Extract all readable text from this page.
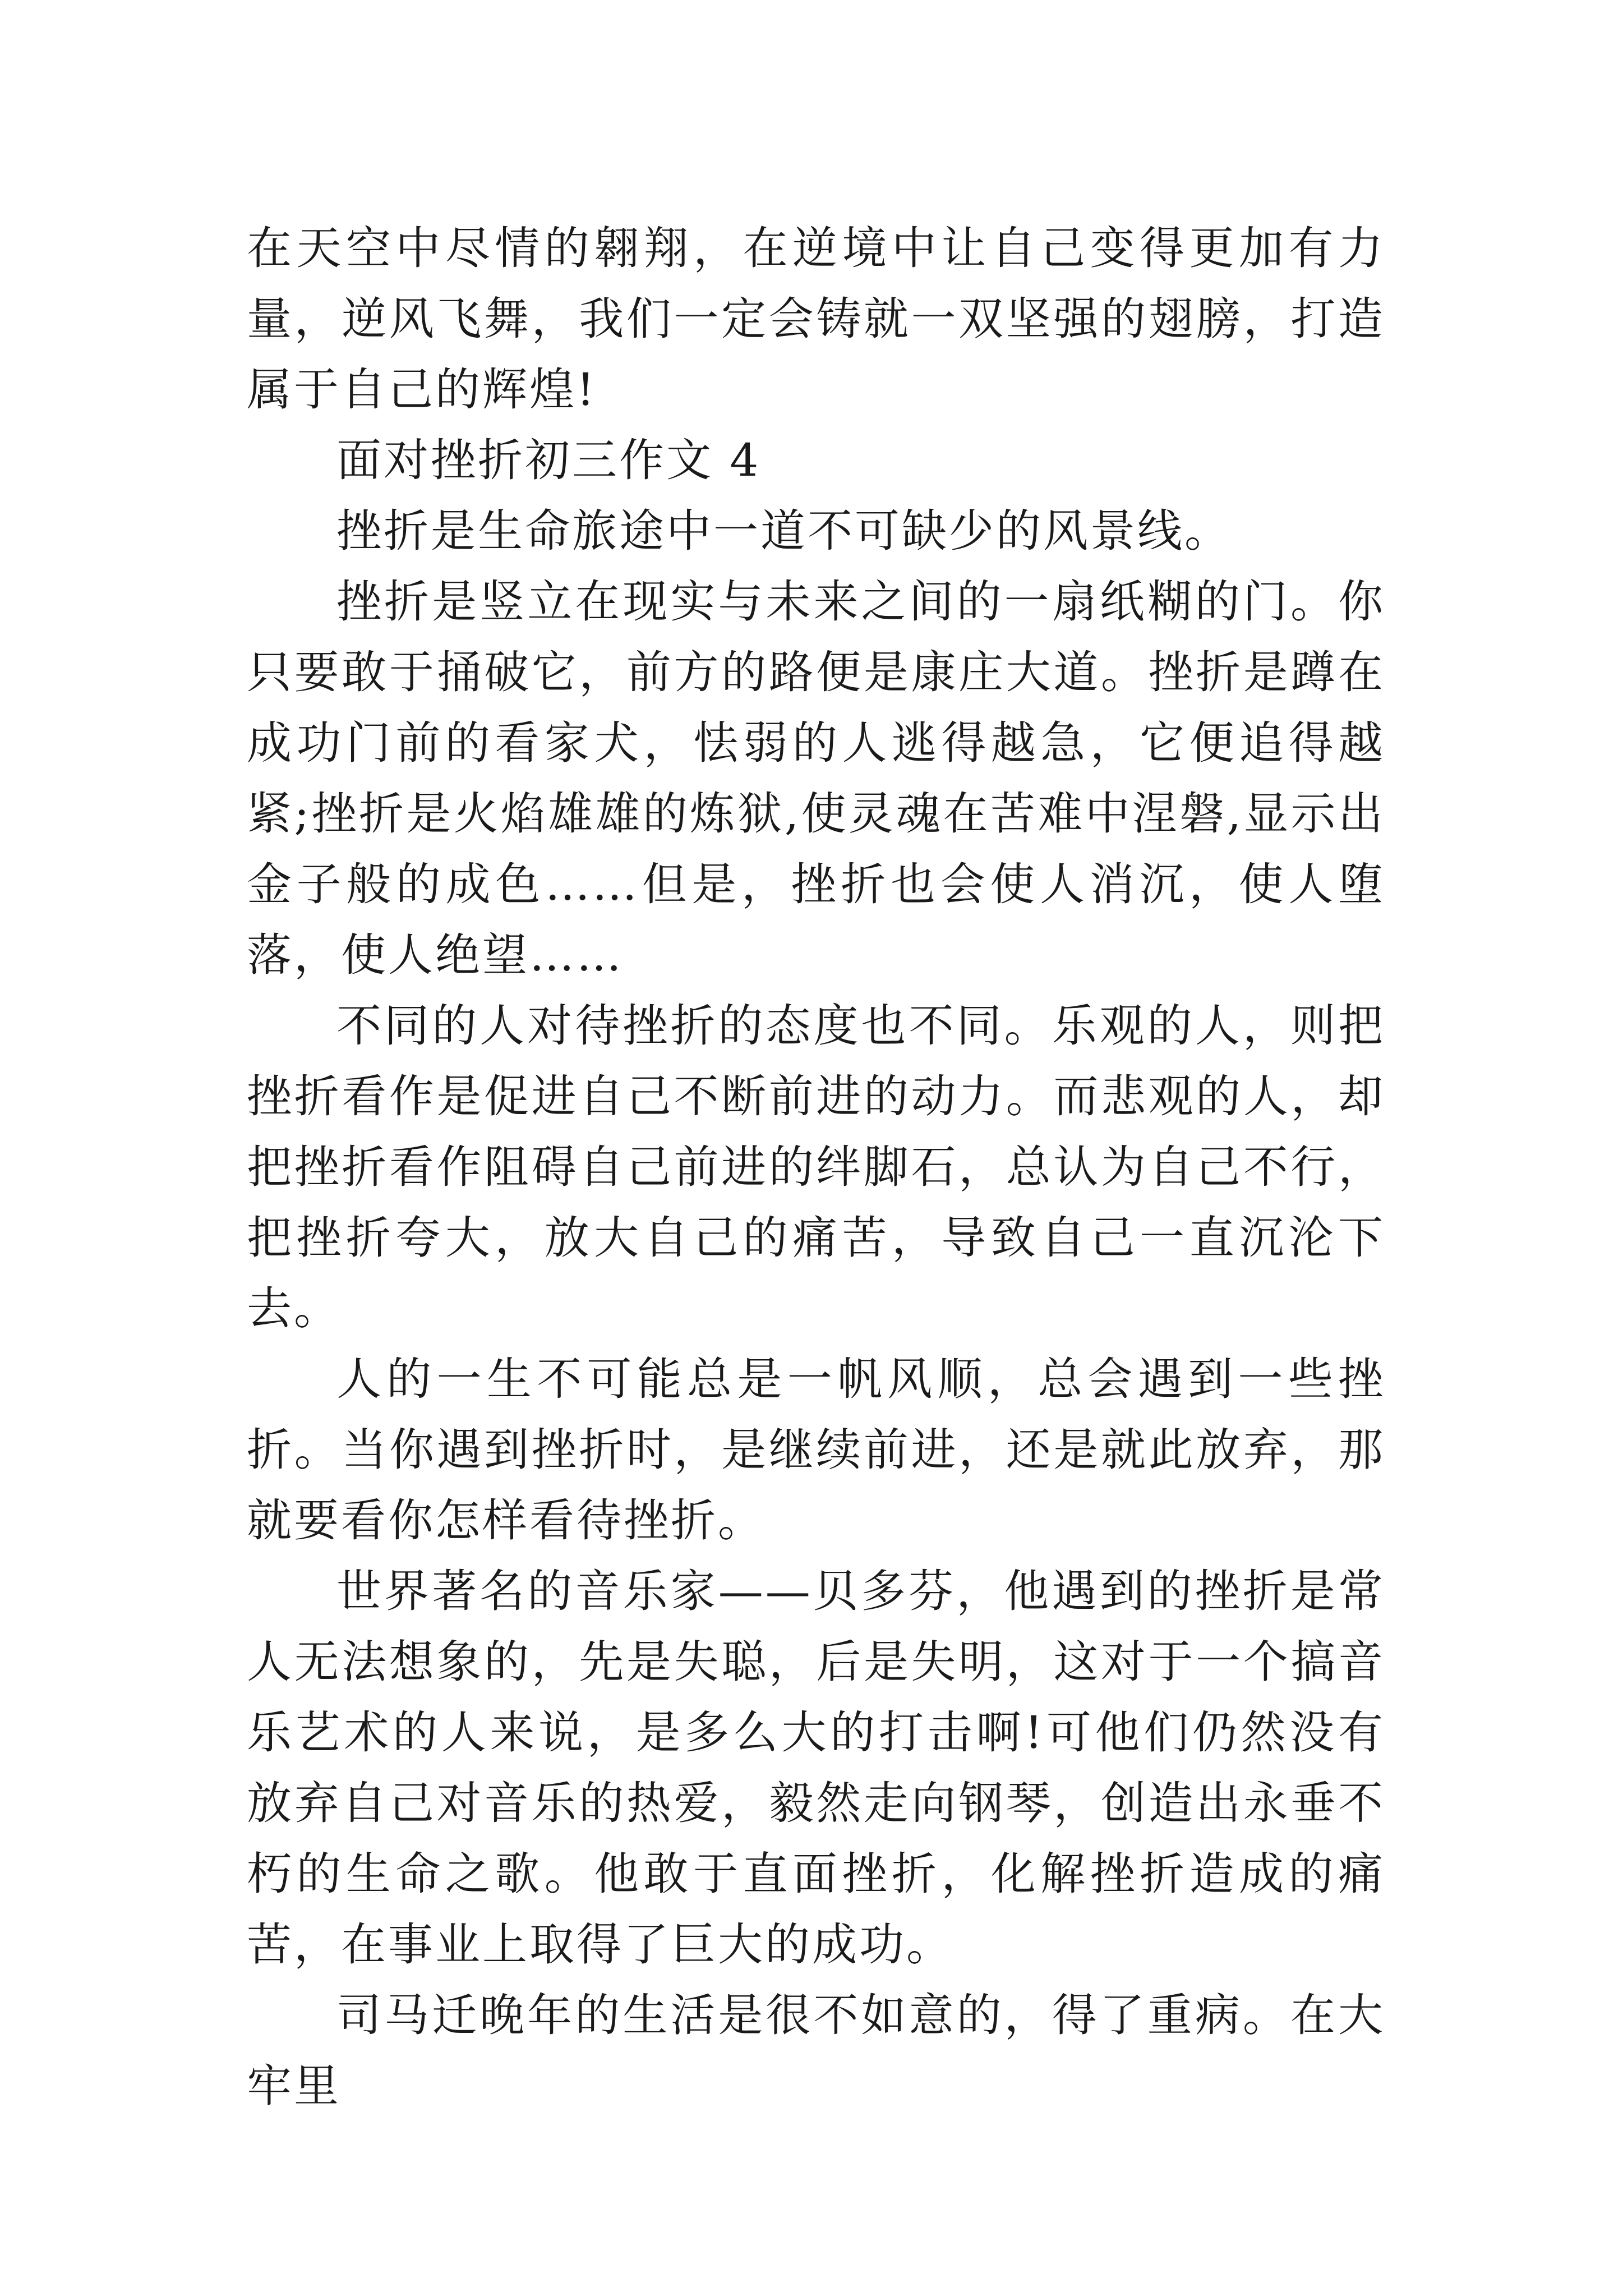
在天空中尽情的翱翔，在逆境中让自己变得更加有力量，逆风飞舞，我们一定会铸就一双坚强的翅膀，打造属于自己的辉煌!

面对挫折初三作文 4

挫折是生命旅途中一道不可缺少的风景线。

挫折是竖立在现实与未来之间的一扇纸糊的门。你只要敢于捅破它，前方的路便是康庄大道。挫折是蹲在成功门前的看家犬，怯弱的人逃得越急，它便追得越紧;挫折是火焰雄雄的炼狱,使灵魂在苦难中涅磐,显示出金子般的成色……但是，挫折也会使人消沉，使人堕落，使人绝望……

不同的人对待挫折的态度也不同。乐观的人，则把挫折看作是促进自己不断前进的动力。而悲观的人，却把挫折看作阻碍自己前进的绊脚石，总认为自己不行，把挫折夸大，放大自己的痛苦，导致自己一直沉沦下去。

人的一生不可能总是一帆风顺，总会遇到一些挫折。当你遇到挫折时，是继续前进，还是就此放弃，那就要看你怎样看待挫折。

世界著名的音乐家——贝多芬，他遇到的挫折是常人无法想象的，先是失聪，后是失明，这对于一个搞音乐艺术的人来说，是多么大的打击啊!可他们仍然没有放弃自己对音乐的热爱，毅然走向钢琴，创造出永垂不朽的生命之歌。他敢于直面挫折，化解挫折造成的痛苦，在事业上取得了巨大的成功。

司马迁晚年的生活是很不如意的，得了重病。在大牢里
